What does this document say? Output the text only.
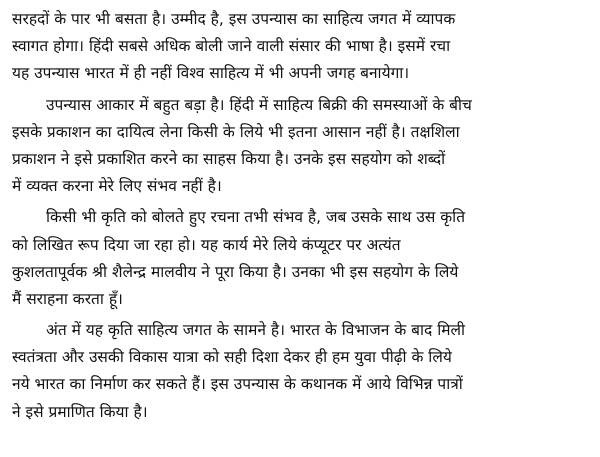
सरहदों के पार भी बसता है। उम्मीद है, इस उपन्यास का साहित्य जगत में व्यापक
स्वागत होगा। हिंदी सबसे अधिक बोली जाने वाली संसार की भाषा है। इसमें रचा
यह उपन्यास भारत में ही नहीं विश्व साहित्य में भी अपनी जगह बनायेगा।
उपन्यास आकार में बहुत बड़ा है। हिंदी में साहित्य बिक्री की समस्याओं के बीच
इसके प्रकाशन का दायित्व लेना किसी के लिये भी इतना आसान नहीं है। तक्षशिला
प्रकाशन ने इसे प्रकाशित करने का साहस किया है। उनके इस सहयोग को शब्दों
में व्यक्त करना मेरे लिए संभव नहीं है।
किसी भी कृति को बोलते हुए रचना तभी संभव है, जब उसके साथ उस कृति
को लिखित रूप दिया जा रहा हो। यह कार्य मेरे लिये कंप्यूटर पर अत्यंत
कुशलतापूर्वक श्री शैलेन्द्र मालवीय ने पूरा किया है। उनका भी इस सहयोग के लिये
मैं सराहना करता हूँ।
अंत में यह कृति साहित्य जगत के सामने है। भारत के विभाजन के बाद मिली
स्वतंत्रता और उसकी विकास यात्रा को सही दिशा देकर ही हम युवा पीढ़ी के लिये
नये भारत का निर्माण कर सकते हैं। इस उपन्यास के कथानक में आये विभिन्न पात्रों
ने इसे प्रमाणित किया है।
